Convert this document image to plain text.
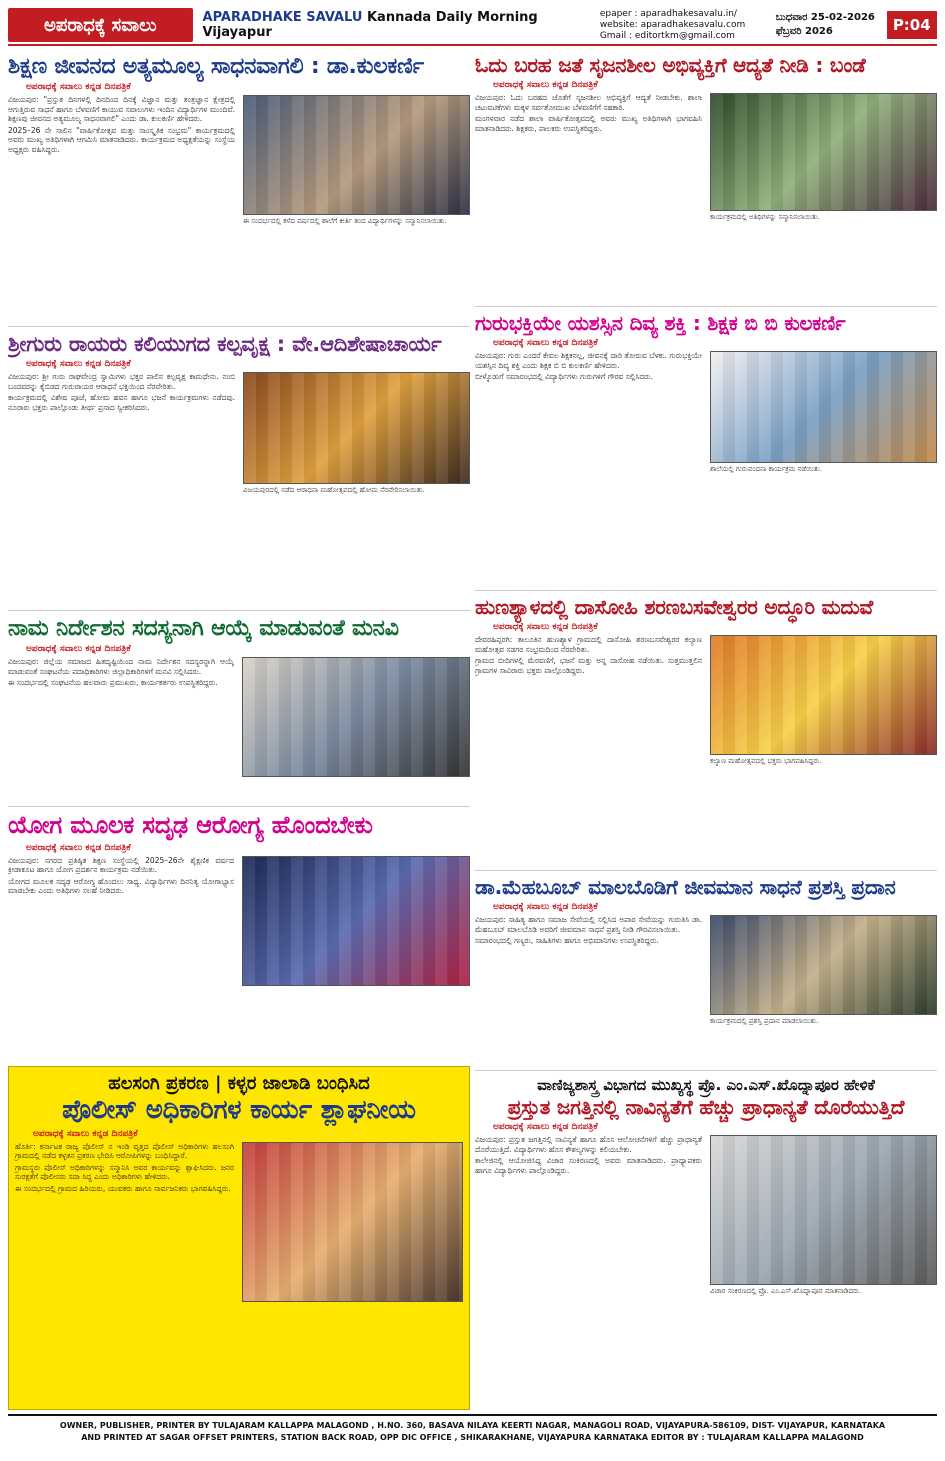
ಅಪರಾಧಕ್ಕೆ ಸವಾಲು	APARADHAKE SAVALU Kannada Daily Morning Vijayapur
epaper : aparadhakesavalu.in/
website: aparadhakesavalu.com
Gmail : editortkm@gmail.com
ಬುಧವಾರ 25-02-2026
ಫೆಬ್ರವರಿ 2026	P:04
ಶಿಕ್ಷಣ ಜೀವನದ ಅತ್ಯಮೂಲ್ಯ ಸಾಧನವಾಗಲಿ : ಡಾ.ಕುಲಕರ್ಣಿ
ಅಪರಾಧಕ್ಕೆ ಸವಾಲು ಕನ್ನಡ ದಿನಪತ್ರಿಕೆ

ವಿಜಯಪುರ: "ಪ್ರಸ್ತುತ ದಿನಗಳಲ್ಲಿ ದಿನದಿಂದ ದಿನಕ್ಕೆ ವಿಜ್ಞಾನ ಮತ್ತು ತಂತ್ರಜ್ಞಾನ ಕ್ಷೇತ್ರದಲ್ಲಿ ಆಗುತ್ತಿರುವ ಸಾಧನೆ ಹಾಗೂ ಬೆಳವಣಿಗೆ ಕಾಯುವ ಸವಾಲುಗಳು ಇಂದಿನ ವಿದ್ಯಾರ್ಥಿಗಳ ಮುಂದಿವೆ. ಶಿಕ್ಷಣವು ಜೀವನದ ಅತ್ಯಮೂಲ್ಯ ಸಾಧನವಾಗಲಿ" ಎಂದು ಡಾ. ಕುಲಕರ್ಣಿ ಹೇಳಿದರು.

2025–26 ನೇ ಸಾಲಿನ "ವಾರ್ಷಿಕೋತ್ಸವ ಮತ್ತು ಸಾಂಸ್ಕೃತಿಕ ಸಂಭ್ರಮ" ಕಾರ್ಯಕ್ರಮದಲ್ಲಿ ಅವರು ಮುಖ್ಯ ಅತಿಥಿಗಳಾಗಿ ಆಗಮಿಸಿ ಮಾತನಾಡಿದರು. ಕಾರ್ಯಕ್ರಮದ ಅಧ್ಯಕ್ಷತೆಯನ್ನು ಸಂಸ್ಥೆಯ ಅಧ್ಯಕ್ಷರು ವಹಿಸಿದ್ದರು.

ಈ ಸಂದರ್ಭದಲ್ಲಿ ಕಳೆದ ವರ್ಷದಲ್ಲಿ ಶಾಲೆಗೆ ಕೀರ್ತಿ ತಂದ ವಿದ್ಯಾರ್ಥಿಗಳನ್ನು ಸನ್ಮಾನಿಸಲಾಯಿತು.
ಶ್ರೀಗುರು ರಾಯರು ಕಲಿಯುಗದ ಕಲ್ಪವೃಕ್ಷ : ವೇ.ಆದಿಶೇಷಾಚಾರ್ಯ
ಅಪರಾಧಕ್ಕೆ ಸವಾಲು ಕನ್ನಡ ದಿನಪತ್ರಿಕೆ

ವಿಜಯಪುರ: ಶ್ರೀ ಗುರು ರಾಘವೇಂದ್ರ ಸ್ವಾಮಿಗಳು ಭಕ್ತರ ಪಾಲಿನ ಕಲ್ಪವೃಕ್ಷ ಕಾಮಧೇನು. ನಂಬಿ ಬಂದವರನ್ನು ಕೈಬಿಡದ ಗುರುರಾಯರ ಆರಾಧನೆ ಭಕ್ತಿಯಿಂದ ನೆರವೇರಿತು.

ಕಾರ್ಯಕ್ರಮದಲ್ಲಿ ವಿಶೇಷ ಪೂಜೆ, ಹೋಮ ಹವನ ಹಾಗೂ ಭಜನೆ ಕಾರ್ಯಕ್ರಮಗಳು ನಡೆದವು. ನೂರಾರು ಭಕ್ತರು ಪಾಲ್ಗೊಂಡು ತೀರ್ಥ ಪ್ರಸಾದ ಸ್ವೀಕರಿಸಿದರು.

ವಿಜಯಪುರದಲ್ಲಿ ನಡೆದ ಆರಾಧನಾ ಮಹೋತ್ಸವದಲ್ಲಿ ಹೋಮ ನೆರವೇರಿಸಲಾಯಿತು.
ನಾಮ ನಿರ್ದೇಶನ ಸದಸ್ಯನಾಗಿ ಆಯ್ಕೆ ಮಾಡುವಂತೆ ಮನವಿ
ಅಪರಾಧಕ್ಕೆ ಸವಾಲು ಕನ್ನಡ ದಿನಪತ್ರಿಕೆ

ವಿಜಯಪುರ: ಜಿಲ್ಲೆಯ ಸಮಾಜದ ಹಿತದೃಷ್ಟಿಯಿಂದ ನಾಮ ನಿರ್ದೇಶನ ಸದಸ್ಯರನ್ನಾಗಿ ಆಯ್ಕೆ ಮಾಡುವಂತೆ ಸಂಘಟನೆಯ ಪದಾಧಿಕಾರಿಗಳು ಜಿಲ್ಲಾಧಿಕಾರಿಗಳಿಗೆ ಮನವಿ ಸಲ್ಲಿಸಿದರು.

ಈ ಸಂದರ್ಭದಲ್ಲಿ ಸಂಘಟನೆಯ ಹಲವಾರು ಪ್ರಮುಖರು, ಕಾರ್ಯಕರ್ತರು ಉಪಸ್ಥಿತರಿದ್ದರು.

ಯೋಗ ಮೂಲಕ ಸದೃಢ ಆರೋಗ್ಯ ಹೊಂದಬೇಕು
ಅಪರಾಧಕ್ಕೆ ಸವಾಲು ಕನ್ನಡ ದಿನಪತ್ರಿಕೆ

ವಿಜಯಪುರ: ನಗರದ ಪ್ರತಿಷ್ಠಿತ ಶಿಕ್ಷಣ ಸಂಸ್ಥೆಯಲ್ಲಿ 2025–26ನೇ ಶೈಕ್ಷಣಿಕ ವರ್ಷದ ಕ್ರೀಡಾಕೂಟ ಹಾಗೂ ಯೋಗ ಪ್ರದರ್ಶನ ಕಾರ್ಯಕ್ರಮ ನಡೆಯಿತು.

ಯೋಗದ ಮೂಲಕ ಸದೃಢ ಆರೋಗ್ಯ ಹೊಂದಲು ಸಾಧ್ಯ. ವಿದ್ಯಾರ್ಥಿಗಳು ದಿನನಿತ್ಯ ಯೋಗಾಭ್ಯಾಸ ಮಾಡಬೇಕು ಎಂದು ಅತಿಥಿಗಳು ಸಲಹೆ ನೀಡಿದರು.

ಹಲಸಂಗಿ ಪ್ರಕರಣ | ಕಳ್ಳರ ಜಾಲಾಡಿ ಬಂಧಿಸಿದ
ಪೊಲೀಸ್ ಅಧಿಕಾರಿಗಳ ಕಾರ್ಯ ಶ್ಲಾಘನೀಯ
ಅಪರಾಧಕ್ಕೆ ಸವಾಲು ಕನ್ನಡ ದಿನಪತ್ರಿಕೆ

ಹೊರ್ತಿ: ಕರ್ನಾಟಕ ರಾಜ್ಯ ಪೊಲೀಸ್ ನ ಇಂಡಿ ವೃತ್ತದ ಪೊಲೀಸ್ ಅಧಿಕಾರಿಗಳು ಹಲಸಂಗಿ ಗ್ರಾಮದಲ್ಲಿ ನಡೆದ ಕಳ್ಳತನ ಪ್ರಕರಣ ಭೇದಿಸಿ ಆರೋಪಿಗಳನ್ನು ಬಂಧಿಸಿದ್ದಾರೆ.

ಗ್ರಾಮಸ್ಥರು ಪೊಲೀಸ್ ಅಧಿಕಾರಿಗಳನ್ನು ಸನ್ಮಾನಿಸಿ ಅವರ ಕಾರ್ಯವನ್ನು ಶ್ಲಾಘಿಸಿದರು. ಜನರ ಸುರಕ್ಷತೆಗೆ ಪೊಲೀಸರು ಸದಾ ಸಿದ್ಧ ಎಂದು ಅಧಿಕಾರಿಗಳು ಹೇಳಿದರು.

ಈ ಸಂದರ್ಭದಲ್ಲಿ ಗ್ರಾಮದ ಹಿರಿಯರು, ಯುವಕರು ಹಾಗೂ ಸಾರ್ವಜನಿಕರು ಭಾಗವಹಿಸಿದ್ದರು.

ಓದು ಬರಹ ಜತೆ ಸೃಜನಶೀಲ ಅಭಿವ್ಯಕ್ತಿಗೆ ಆದ್ಯತೆ ನೀಡಿ : ಬಂಡೆ
ಅಪರಾಧಕ್ಕೆ ಸವಾಲು ಕನ್ನಡ ದಿನಪತ್ರಿಕೆ

ವಿಜಯಪುರ: ಓದು ಬರಹದ ಜೊತೆಗೆ ಸೃಜನಶೀಲ ಅಭಿವ್ಯಕ್ತಿಗೆ ಆದ್ಯತೆ ನೀಡಬೇಕು. ಶಾಲಾ ಚಟುವಟಿಕೆಗಳು ಮಕ್ಕಳ ಸರ್ವತೋಮುಖ ಬೆಳವಣಿಗೆಗೆ ಸಹಕಾರಿ.

ಮಂಗಳವಾರ ನಡೆದ ಶಾಲಾ ವಾರ್ಷಿಕೋತ್ಸವದಲ್ಲಿ ಅವರು ಮುಖ್ಯ ಅತಿಥಿಗಳಾಗಿ ಭಾಗವಹಿಸಿ ಮಾತನಾಡಿದರು. ಶಿಕ್ಷಕರು, ಪಾಲಕರು ಉಪಸ್ಥಿತರಿದ್ದರು.

ಕಾರ್ಯಕ್ರಮದಲ್ಲಿ ಅತಿಥಿಗಳನ್ನು ಸನ್ಮಾನಿಸಲಾಯಿತು.
ಗುರುಭಕ್ತಿಯೇ ಯಶಸ್ಸಿನ ದಿವ್ಯ ಶಕ್ತಿ : ಶಿಕ್ಷಕ ಬಿ ಬಿ ಕುಲಕರ್ಣಿ
ಅಪರಾಧಕ್ಕೆ ಸವಾಲು ಕನ್ನಡ ದಿನಪತ್ರಿಕೆ

ವಿಜಯಪುರ: ಗುರು ಎಂದರೆ ಕೇವಲ ಶಿಕ್ಷಕನಲ್ಲ, ಜೀವನಕ್ಕೆ ದಾರಿ ತೋರುವ ಬೆಳಕು. ಗುರುಭಕ್ತಿಯೇ ಯಶಸ್ಸಿನ ದಿವ್ಯ ಶಕ್ತಿ ಎಂದು ಶಿಕ್ಷಕ ಬಿ ಬಿ ಕುಲಕರ್ಣಿ ಹೇಳಿದರು.

ಬೀಳ್ಕೊಡುಗೆ ಸಮಾರಂಭದಲ್ಲಿ ವಿದ್ಯಾರ್ಥಿಗಳು ಗುರುಗಳಿಗೆ ಗೌರವ ಸಲ್ಲಿಸಿದರು.

ಶಾಲೆಯಲ್ಲಿ ಗುರುವಂದನಾ ಕಾರ್ಯಕ್ರಮ ನಡೆಯಿತು.
ಹುಣಶ್ಯಾಳದಲ್ಲಿ ದಾಸೋಹಿ ಶರಣಬಸವೇಶ್ವರರ ಅದ್ಧೂರಿ ಮದುವೆ
ಅಪರಾಧಕ್ಕೆ ಸವಾಲು ಕನ್ನಡ ದಿನಪತ್ರಿಕೆ

ದೇವರಹಿಪ್ಪರಗಿ: ತಾಲೂಕಿನ ಹುಣಶ್ಯಾಳ ಗ್ರಾಮದಲ್ಲಿ ದಾಸೋಹಿ ಶರಣಬಸವೇಶ್ವರರ ಕಲ್ಯಾಣ ಮಹೋತ್ಸವ ಸಡಗರ ಸಂಭ್ರಮದಿಂದ ನೆರವೇರಿತು.

ಗ್ರಾಮದ ಬೀದಿಗಳಲ್ಲಿ ಮೆರವಣಿಗೆ, ಭಜನೆ ಮತ್ತು ಅನ್ನ ದಾಸೋಹ ನಡೆಯಿತು. ಸುತ್ತಮುತ್ತಲಿನ ಗ್ರಾಮಗಳ ಸಾವಿರಾರು ಭಕ್ತರು ಪಾಲ್ಗೊಂಡಿದ್ದರು.

ಕಲ್ಯಾಣ ಮಹೋತ್ಸವದಲ್ಲಿ ಭಕ್ತರು ಭಾಗವಹಿಸಿದ್ದರು.
ಡಾ.ಮೆಹಬೂಬ್ ಮಾಲಬೊಡಿಗೆ ಜೀವಮಾನ ಸಾಧನೆ ಪ್ರಶಸ್ತಿ ಪ್ರದಾನ
ಅಪರಾಧಕ್ಕೆ ಸವಾಲು ಕನ್ನಡ ದಿನಪತ್ರಿಕೆ

ವಿಜಯಪುರ: ಸಾಹಿತ್ಯ ಹಾಗೂ ಸಮಾಜ ಸೇವೆಯಲ್ಲಿ ಸಲ್ಲಿಸಿದ ಅಪಾರ ಸೇವೆಯನ್ನು ಗುರುತಿಸಿ ಡಾ. ಮೆಹಬೂಬ್ ಮಾಲಬೊಡಿ ಅವರಿಗೆ ಜೀವಮಾನ ಸಾಧನೆ ಪ್ರಶಸ್ತಿ ನೀಡಿ ಗೌರವಿಸಲಾಯಿತು.

ಸಮಾರಂಭದಲ್ಲಿ ಗಣ್ಯರು, ಸಾಹಿತಿಗಳು ಹಾಗೂ ಅಭಿಮಾನಿಗಳು ಉಪಸ್ಥಿತರಿದ್ದರು.

ಕಾರ್ಯಕ್ರಮದಲ್ಲಿ ಪ್ರಶಸ್ತಿ ಪ್ರದಾನ ಮಾಡಲಾಯಿತು.
ವಾಣಿಜ್ಯಶಾಸ್ತ್ರ ವಿಭಾಗದ ಮುಖ್ಯಸ್ಥ ಪ್ರೊ. ಎಂ.ಎಸ್.ಖೊದ್ನಾಪೂರ ಹೇಳಿಕೆ
ಪ್ರಸ್ತುತ ಜಗತ್ತಿನಲ್ಲಿ ನಾವಿನ್ಯತೆಗೆ ಹೆಚ್ಚು ಪ್ರಾಧಾನ್ಯತೆ ದೊರೆಯುತ್ತಿದೆ
ಅಪರಾಧಕ್ಕೆ ಸವಾಲು ಕನ್ನಡ ದಿನಪತ್ರಿಕೆ

ವಿಜಯಪುರ: ಪ್ರಸ್ತುತ ಜಗತ್ತಿನಲ್ಲಿ ನಾವಿನ್ಯತೆ ಹಾಗೂ ಹೊಸ ಆಲೋಚನೆಗಳಿಗೆ ಹೆಚ್ಚು ಪ್ರಾಧಾನ್ಯತೆ ದೊರೆಯುತ್ತಿದೆ. ವಿದ್ಯಾರ್ಥಿಗಳು ಹೊಸ ಕೌಶಲ್ಯಗಳನ್ನು ಕಲಿಯಬೇಕು.

ಕಾಲೇಜಿನಲ್ಲಿ ಆಯೋಜಿಸಿದ್ದ ವಿಚಾರ ಸಂಕಿರಣದಲ್ಲಿ ಅವರು ಮಾತನಾಡಿದರು. ಪ್ರಾಧ್ಯಾಪಕರು ಹಾಗೂ ವಿದ್ಯಾರ್ಥಿಗಳು ಪಾಲ್ಗೊಂಡಿದ್ದರು.

ವಿಚಾರ ಸಂಕಿರಣದಲ್ಲಿ ಪ್ರೊ. ಎಂ.ಎಸ್.ಖೊದ್ನಾಪೂರ ಮಾತನಾಡಿದರು.
OWNER, PUBLISHER, PRINTER BY TULAJARAM KALLAPPA MALAGOND , H.NO. 360, BASAVA NILAYA KEERTI NAGAR, MANAGOLI ROAD, VIJAYAPURA-586109, DIST- VIJAYAPUR, KARNATAKA
AND PRINTED AT SAGAR OFFSET PRINTERS, STATION BACK ROAD, OPP DIC OFFICE , SHIKARAKHANE, VIJAYAPURA KARNATAKA EDITOR BY : TULAJARAM KALLAPPA MALAGOND
